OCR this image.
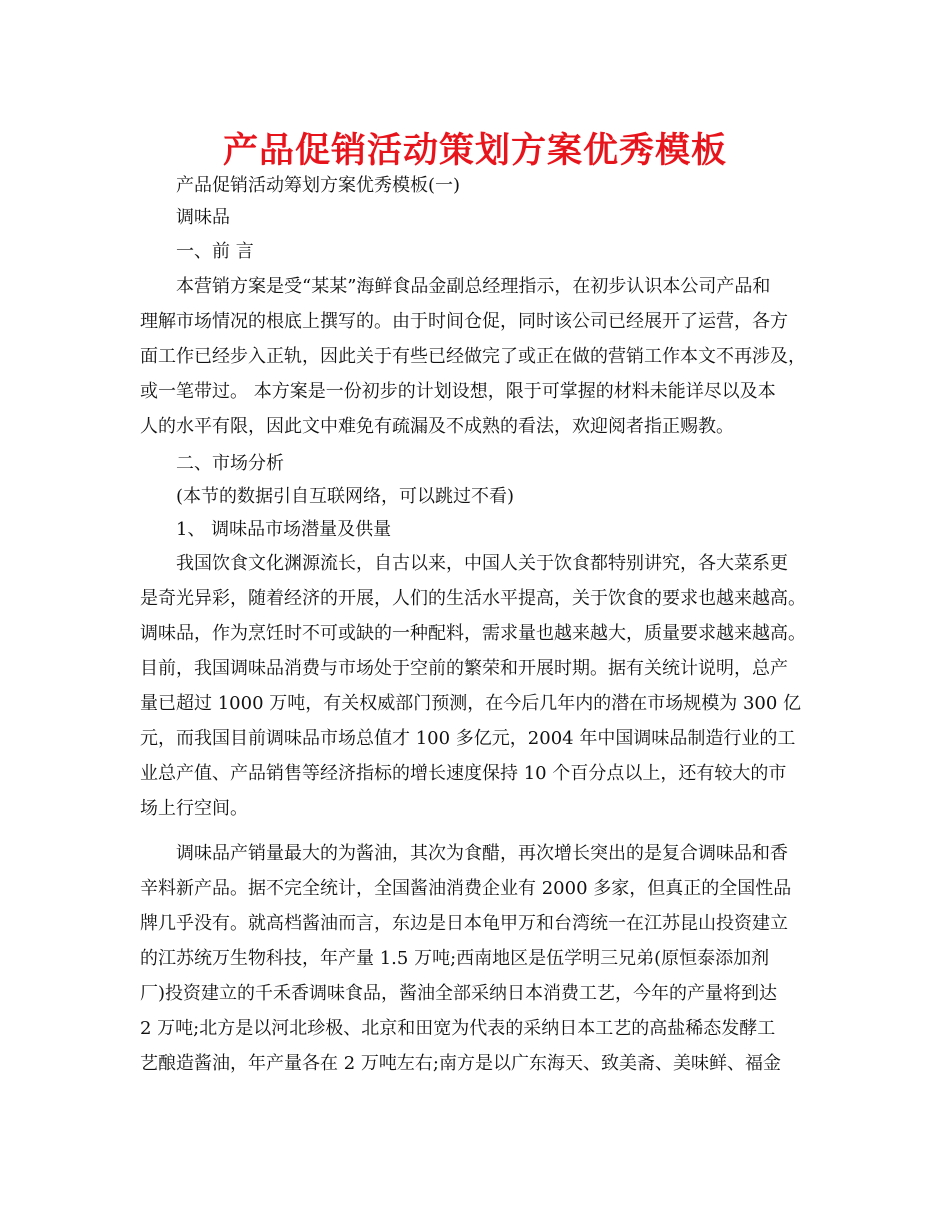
产品促销活动策划方案优秀模板

产品促销活动筹划方案优秀模板(一)

调味品

一、前 言

本营销方案是受“某某”海鲜食品金副总经理指示，在初步认识本公司产品和

理解市场情况的根底上撰写的。由于时间仓促，同时该公司已经展开了运营，各方

面工作已经步入正轨，因此关于有些已经做完了或正在做的营销工作本文不再涉及，

或一笔带过。 本方案是一份初步的计划设想，限于可掌握的材料未能详尽以及本

人的水平有限，因此文中难免有疏漏及不成熟的看法，欢迎阅者指正赐教。

二、市场分析

(本节的数据引自互联网络，可以跳过不看)

1、 调味品市场潜量及供量

我国饮食文化渊源流长，自古以来，中国人关于饮食都特别讲究，各大菜系更

是奇光异彩，随着经济的开展，人们的生活水平提高，关于饮食的要求也越来越高。

调味品，作为烹饪时不可或缺的一种配料，需求量也越来越大，质量要求越来越高。

目前，我国调味品消费与市场处于空前的繁荣和开展时期。据有关统计说明，总产

量已超过 1000 万吨，有关权威部门预测，在今后几年内的潜在市场规模为 300 亿

元，而我国目前调味品市场总值才 100 多亿元，2004 年中国调味品制造行业的工

业总产值、产品销售等经济指标的增长速度保持 10 个百分点以上，还有较大的市

场上行空间。

调味品产销量最大的为酱油，其次为食醋，再次增长突出的是复合调味品和香

辛料新产品。据不完全统计，全国酱油消费企业有 2000 多家，但真正的全国性品

牌几乎没有。就高档酱油而言，东边是日本龟甲万和台湾统一在江苏昆山投资建立

的江苏统万生物科技，年产量 1.5 万吨;西南地区是伍学明三兄弟(原恒泰添加剂

厂)投资建立的千禾香调味食品，酱油全部采纳日本消费工艺，今年的产量将到达

2 万吨;北方是以河北珍极、北京和田宽为代表的采纳日本工艺的高盐稀态发酵工

艺酿造酱油，年产量各在 2 万吨左右;南方是以广东海天、致美斋、美味鲜、福金
